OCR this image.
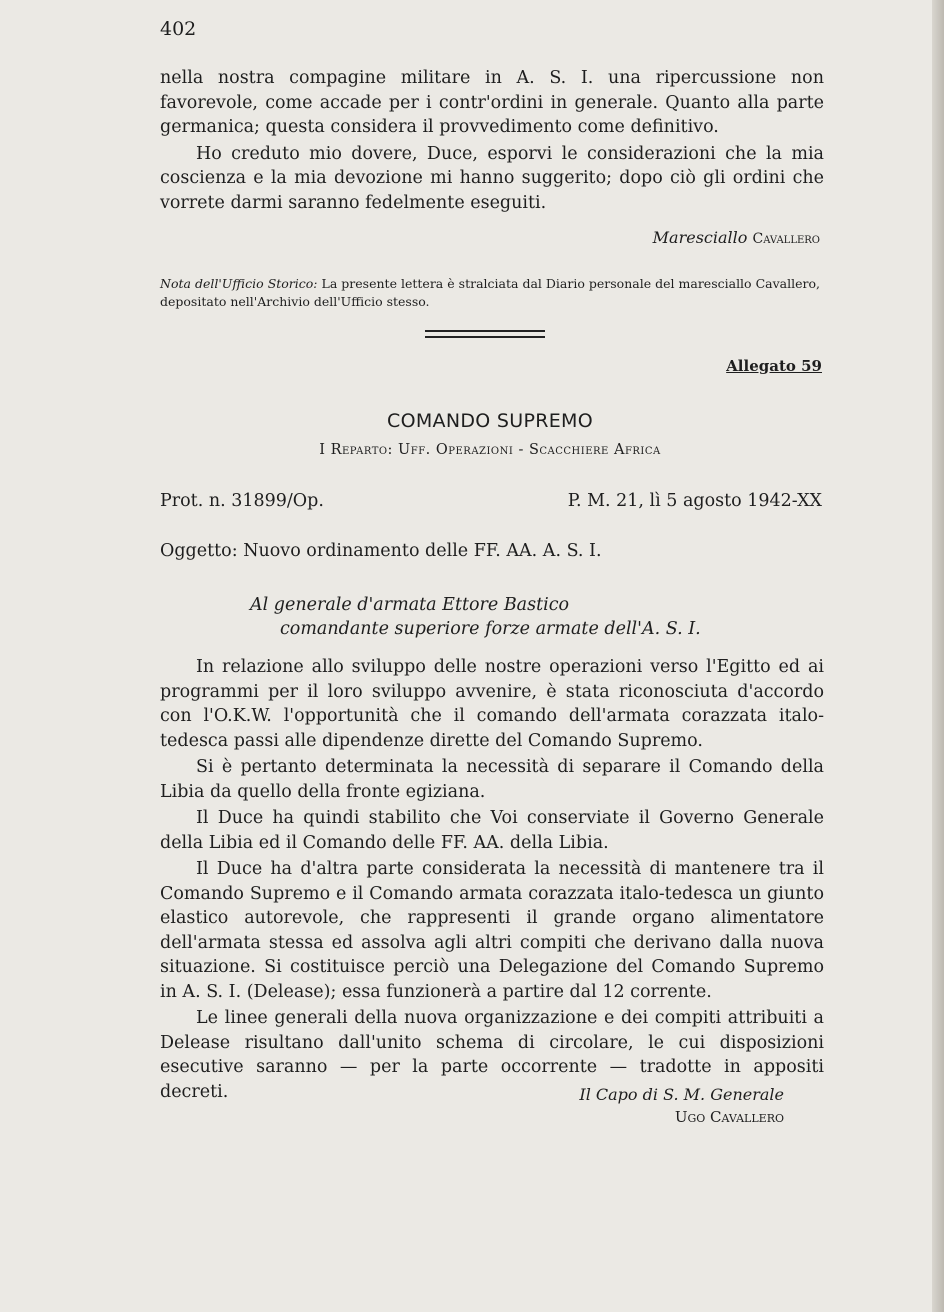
402

nella nostra compagine militare in A. S. I. una ripercussione non favorevole, come accade per i contr'ordini in generale. Quanto alla parte germanica; questa considera il provvedimento come definitivo.

Ho creduto mio dovere, Duce, esporvi le considerazioni che la mia coscienza e la mia devozione mi hanno suggerito; dopo ciò gli ordini che vorrete darmi saranno fedelmente eseguiti.

Maresciallo Cavallero
Nota dell'Ufficio Storico: La presente lettera è stralciata dal Diario personale del maresciallo Cavallero, depositato nell'Archivio dell'Ufficio stesso.
Allegato 59
COMANDO SUPREMO
I Reparto: Uff. Operazioni - Scacchiere Africa
Prot. n. 31899/Op.	P. M. 21, lì 5 agosto 1942-XX
Oggetto: Nuovo ordinamento delle FF. AA. A. S. I.
Al generale d'armata Ettore Bastico
comandante superiore forze armate dell'A. S. I.

In relazione allo sviluppo delle nostre operazioni verso l'Egitto ed ai programmi per il loro sviluppo avvenire, è stata riconosciuta d'accordo con l'O.K.W. l'opportunità che il comando dell'armata corazzata italo-tedesca passi alle dipendenze dirette del Comando Supremo.

Si è pertanto determinata la necessità di separare il Comando della Libia da quello della fronte egiziana.

Il Duce ha quindi stabilito che Voi conserviate il Governo Generale della Libia ed il Comando delle FF. AA. della Libia.

Il Duce ha d'altra parte considerata la necessità di mantenere tra il Comando Supremo e il Comando armata corazzata italo-tedesca un giunto elastico autorevole, che rappresenti il grande organo alimentatore dell'armata stessa ed assolva agli altri compiti che derivano dalla nuova situazione. Si costituisce perciò una Delegazione del Comando Supremo in A. S. I. (Delease); essa funzionerà a partire dal 12 corrente.

Le linee generali della nuova organizzazione e dei compiti attribuiti a Delease risultano dall'unito schema di circolare, le cui disposizioni esecutive saranno — per la parte occorrente — tradotte in appositi decreti.	Il Capo di S. M. Generale
Ugo Cavallero
